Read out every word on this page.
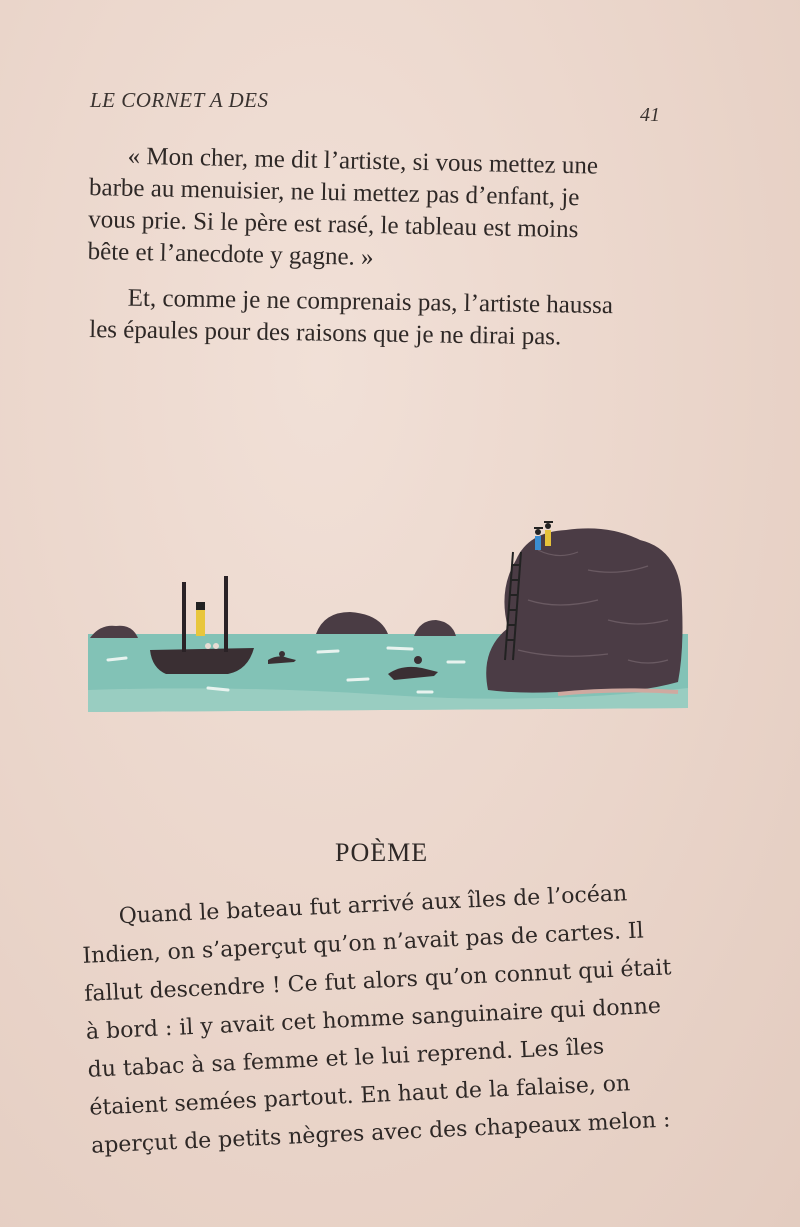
LE CORNET A DES
41
« Mon cher, me dit l’artiste, si vous mettez une
barbe au menuisier, ne lui mettez pas d’enfant, je
vous prie. Si le père est rasé, le tableau est moins
bête et l’anecdote y gagne. »
Et, comme je ne comprenais pas, l’artiste haussa
les épaules pour des raisons que je ne dirai pas.
POÈME
Quand le bateau fut arrivé aux îles de l’océan
Indien, on s’aperçut qu’on n’avait pas de cartes. Il
fallut descendre ! Ce fut alors qu’on connut qui était
à bord : il y avait cet homme sanguinaire qui donne
du tabac à sa femme et le lui reprend. Les îles
étaient semées partout. En haut de la falaise, on
aperçut de petits nègres avec des chapeaux melon :
